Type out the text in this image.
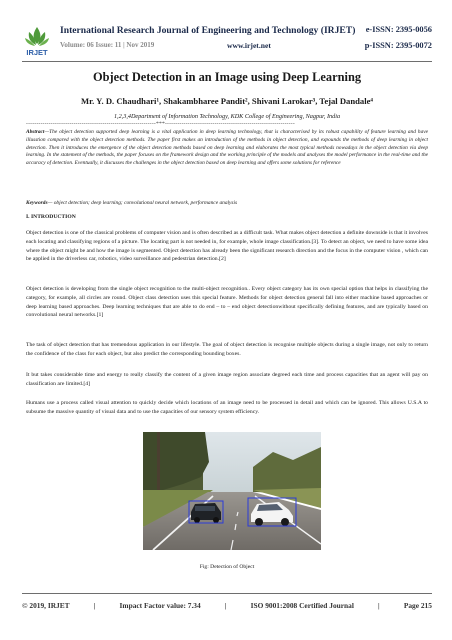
IRJET
International Research Journal of Engineering and Technology (IRJET) e-ISSN: 2395-0056
Volume: 06 Issue: 11 | Nov 2019	www.irjet.net	p-ISSN: 2395-0072
Object Detection in an Image using Deep Learning
Mr. Y. D. Chaudhari¹, Shakambharee Pandit², Shivani Larokar³, Tejal Dandale⁴
1,2,3,4Department of Information Technology, KDK College of Engineering, Nagpur, India
---------------------------------------------------------------***---------------------------------------------------------------
Abstract—The object detection supported deep learning is a vital application in deep learning technology, that is characterised by its robust capability of feature learning and have illusstion compared with the object detection methods. The paper first makes an introduction of the methods in object detection, and expounds the methods of deep learning in object detection. Then it introduces the emergence of the object detection methods based on deep learning and elaborates the most typical methods nowadays in the object detection via deep learning. In the statement of the methods, the paper focuses on the framework design and the working principle of the models and analyses the model performance in the real-time and the accuracy of detection. Eventually, it discusses the challenges in the object detection based on deep learning and offers some solutions for reference
Keywords— object detection; deep learning; convolutional neural network, performance analysis
I. INTRODUCTION
Object detection is one of the classical problems of computer vision and is often described as a difficult task. What makes object detection a definite downside is that it involves each locating and classifying regions of a picture. The locating part is not needed in, for example, whole image classification.[3]. To detect an object, we need to have some idea where the object might be and how the image is segmented. Object detection has already been the significant research direction and the focus in the computer vision , which can be applied in the driverless car, robotics, video surveillance and pedestrian detection.[2]
Object detection is developing from the single object recognition to the multi-object recognition.. Every object category has its own special option that helps in classifying the category, for example, all circles are round. Object class detection uses this special feature. Methods for object detection general fall into either machine based approaches or deep learning based approaches. Deep learning techniques that are able to do end – to – end object detectionwithout specifically defining features, and are typically based on convolutional neural networks.[1]
The task of object detection that has tremendous application in our lifestyle. The goal of object detection is recognise multiple objects during a single image, not only to return the confidence of the class for each object, but also predict the corresponding bounding boxes.
It but takes considerable time and energy to really classify the content of a given image region associate degreed each time and process capacities that an agent will pay on classification are limited.[4]
Humans use a process called visual attention to quickly decide which locations of an image need to be processed in detail and which can be ignored. This allows U.S.A to subsume the massive quantity of visual data and to use the capacities of our sensory system efficiency.
Fig: Detection of Object
© 2019, IRJET	|	Impact Factor value: 7.34	|	ISO 9001:2008 Certified Journal	|	Page 215
